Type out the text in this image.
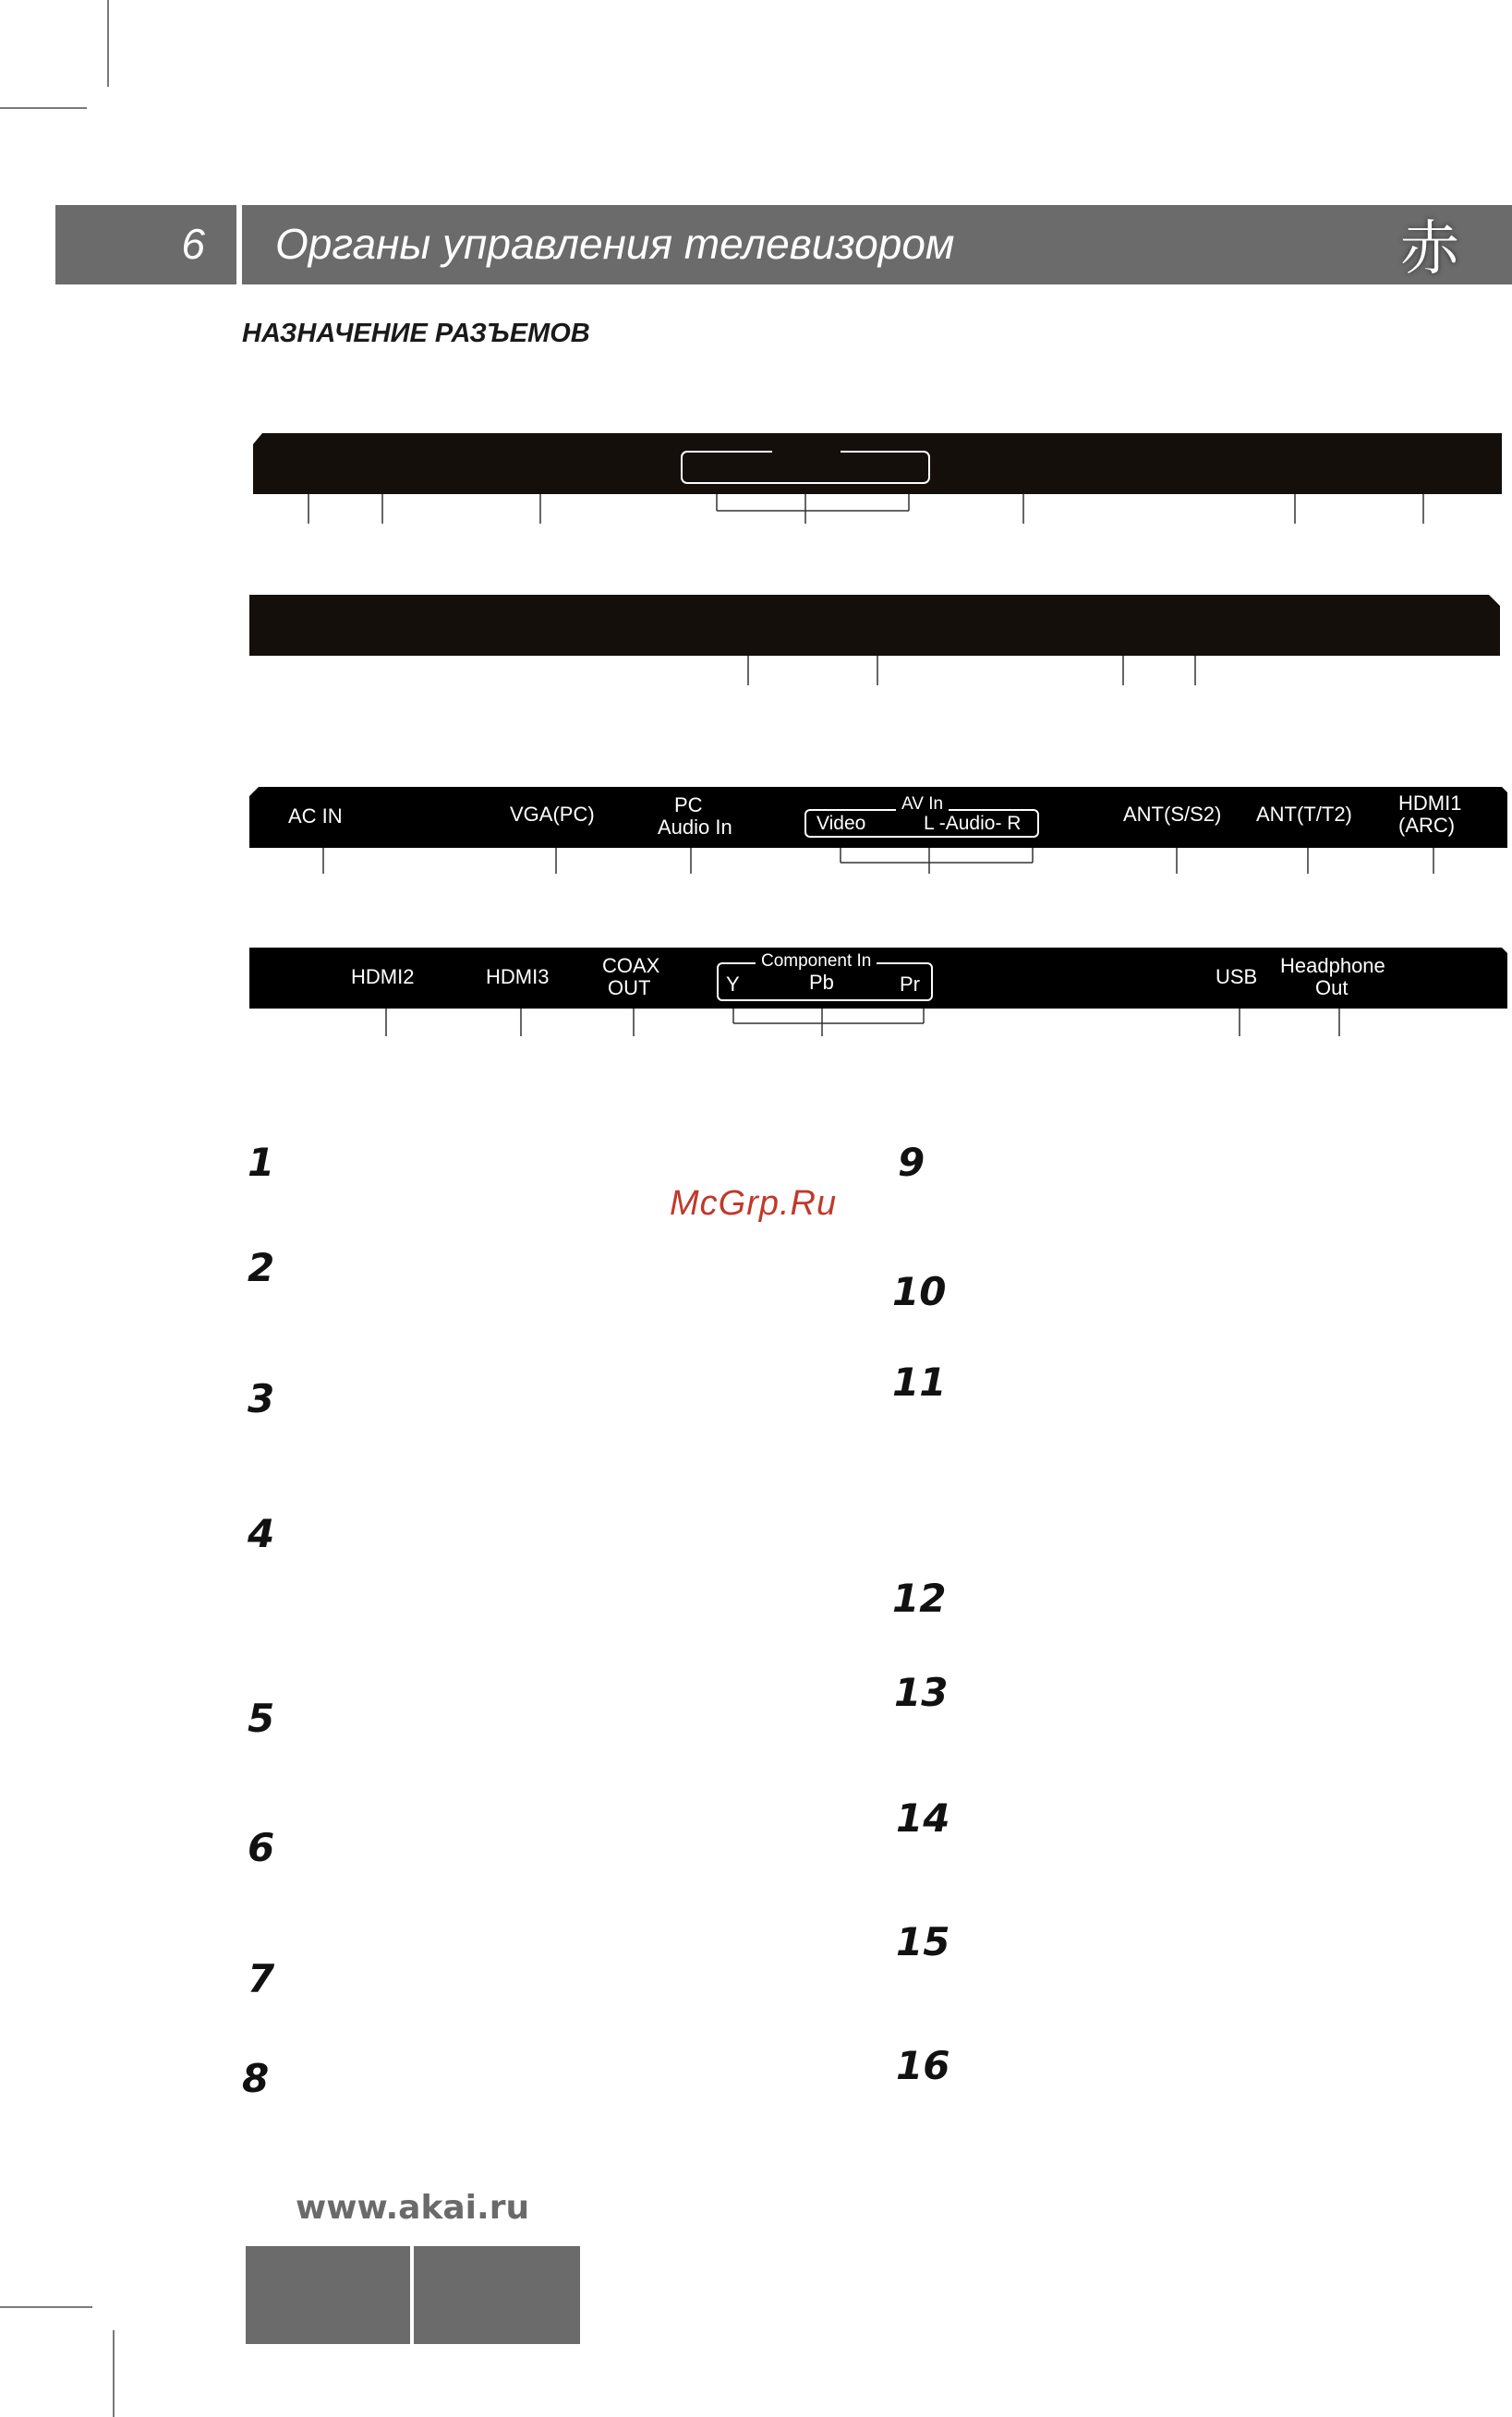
6	Органы управления телевизором	赤
НАЗНАЧЕНИЕ РАЗЪЕМОВ
AC IN	VGA(PC)	PC
Audio In
AV In
Video	L -Audio- R	ANT(S/S2) ANT(T/T2) HDMI1
(ARC)
HDMI2	HDMI3	COAX
OUT
Component In
Y	Pb	Pr	USB Headphone
Out
1
2
3
4
5
6
7
8
9
10
11
12
13
14
15
16
McGrp.Ru
www.akai.ru
